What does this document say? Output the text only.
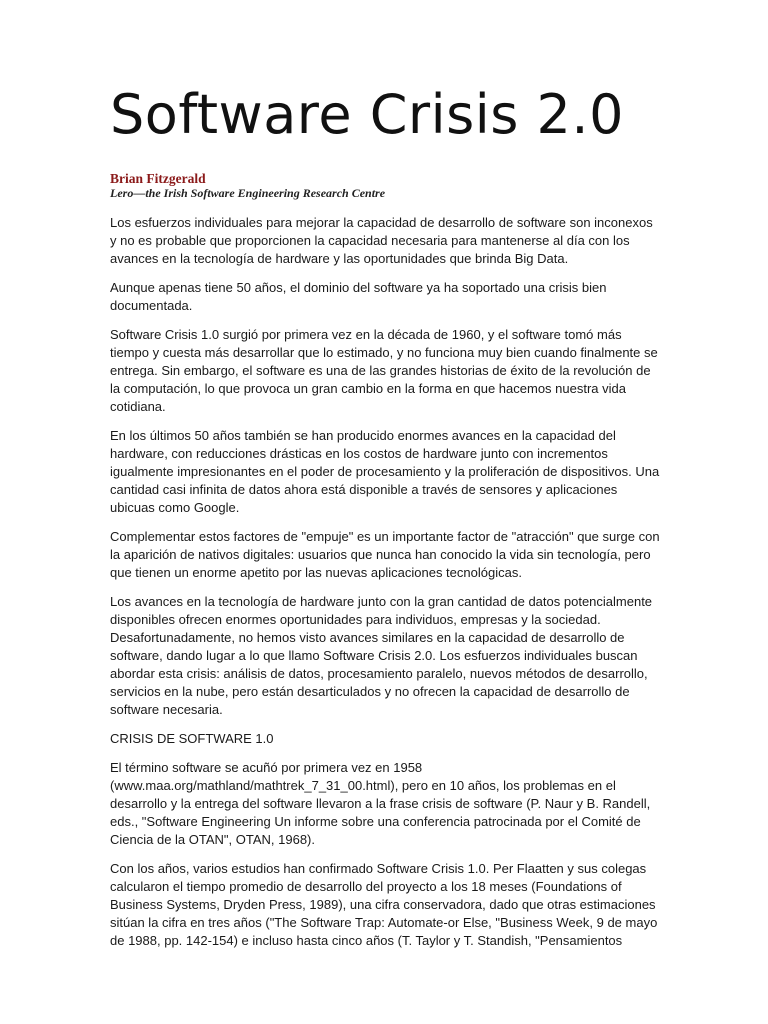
Software Crisis 2.0
Brian Fitzgerald
Lero—the Irish Software Engineering Research Centre

Los esfuerzos individuales para mejorar la capacidad de desarrollo de software son inconexos y no es probable que proporcionen la capacidad necesaria para mantenerse al día con los avances en la tecnología de hardware y las oportunidades que brinda Big Data.

Aunque apenas tiene 50 años, el dominio del software ya ha soportado una crisis bien documentada.

Software Crisis 1.0 surgió por primera vez en la década de 1960, y el software tomó más tiempo y cuesta más desarrollar que lo estimado, y no funciona muy bien cuando finalmente se entrega. Sin embargo, el software es una de las grandes historias de éxito de la revolución de la computación, lo que provoca un gran cambio en la forma en que hacemos nuestra vida cotidiana.

En los últimos 50 años también se han producido enormes avances en la capacidad del hardware, con reducciones drásticas en los costos de hardware junto con incrementos igualmente impresionantes en el poder de procesamiento y la proliferación de dispositivos. Una cantidad casi infinita de datos ahora está disponible a través de sensores y aplicaciones ubicuas como Google.

Complementar estos factores de "empuje" es un importante factor de "atracción" que surge con la aparición de nativos digitales: usuarios que nunca han conocido la vida sin tecnología, pero que tienen un enorme apetito por las nuevas aplicaciones tecnológicas.

Los avances en la tecnología de hardware junto con la gran cantidad de datos potencialmente disponibles ofrecen enormes oportunidades para individuos, empresas y la sociedad. Desafortunadamente, no hemos visto avances similares en la capacidad de desarrollo de software, dando lugar a lo que llamo Software Crisis 2.0. Los esfuerzos individuales buscan abordar esta crisis: análisis de datos, procesamiento paralelo, nuevos métodos de desarrollo, servicios en la nube, pero están desarticulados y no ofrecen la capacidad de desarrollo de software necesaria.

CRISIS DE SOFTWARE 1.0

El término software se acuñó por primera vez en 1958 (www.maa.org/mathland/mathtrek_7_31_00.html), pero en 10 años, los problemas en el desarrollo y la entrega del software llevaron a la frase crisis de software (P. Naur y B. Randell, eds., "Software Engineering Un informe sobre una conferencia patrocinada por el Comité de Ciencia de la OTAN", OTAN, 1968).

Con los años, varios estudios han confirmado Software Crisis 1.0. Per Flaatten y sus colegas calcularon el tiempo promedio de desarrollo del proyecto a los 18 meses (Foundations of Business Systems, Dryden Press, 1989), una cifra conservadora, dado que otras estimaciones sitúan la cifra en tres años ("The Software Trap: Automate-or Else, "Business Week, 9 de mayo de 1988, pp. 142-154) e incluso hasta cinco años (T. Taylor y T. Standish, "Pensamientos
